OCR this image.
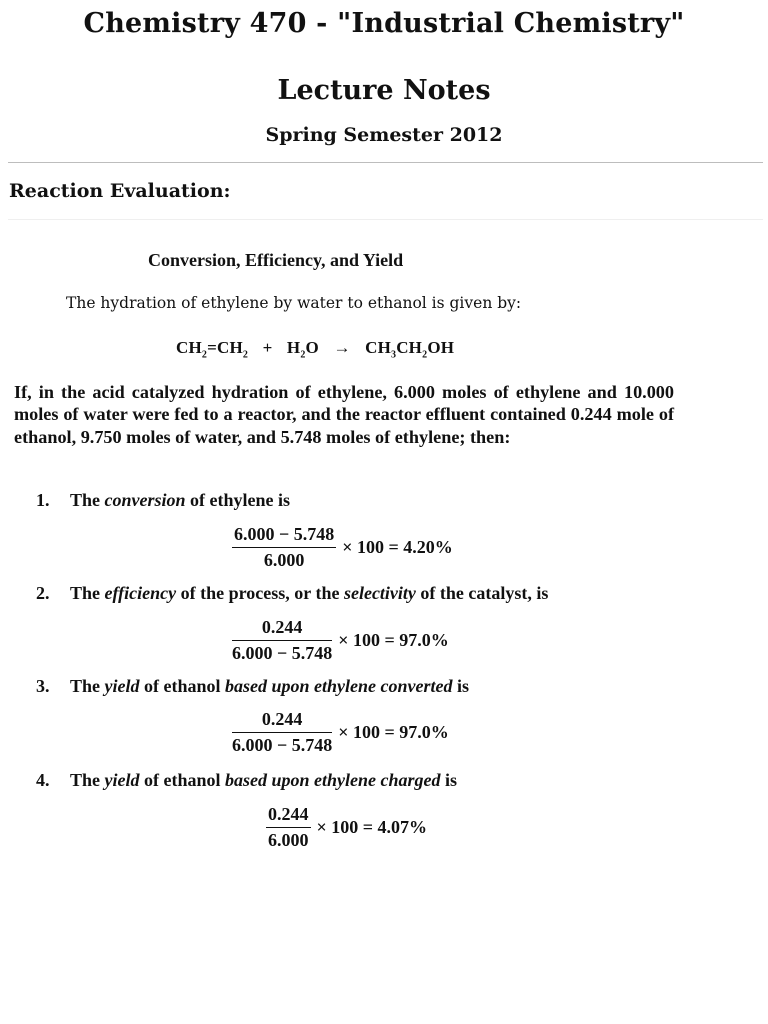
Chemistry 470 - "Industrial Chemistry"
Lecture Notes
Spring Semester 2012
Reaction Evaluation:
Conversion, Efficiency, and Yield
The hydration of ethylene by water to ethanol is given by:
$CH_2=CH_2 + H_2O \to CH_3CH_2OH$
If, in the acid catalyzed hydration of ethylene, 6.000 moles of ethylene and 10.000 moles of water were fed to a reactor, and the reactor effluent contained 0.244 mole of ethanol, 9.750 moles of water, and 5.748 moles of ethylene; then:
1. The conversion of ethylene is
$\frac{6.000 - 5.748}{6.000} \times 100 = 4.20\%$
2. The efficiency of the process, or the selectivity of the catalyst, is
$\frac{0.244}{6.000 - 5.748} \times 100 = 97.0\%$
3. The yield of ethanol based upon ethylene converted is
$\frac{0.244}{6.000 - 5.748} \times 100 = 97.0\%$
4. The yield of ethanol based upon ethylene charged is
$\frac{0.244}{6.000} \times 100 = 4.07\%$
